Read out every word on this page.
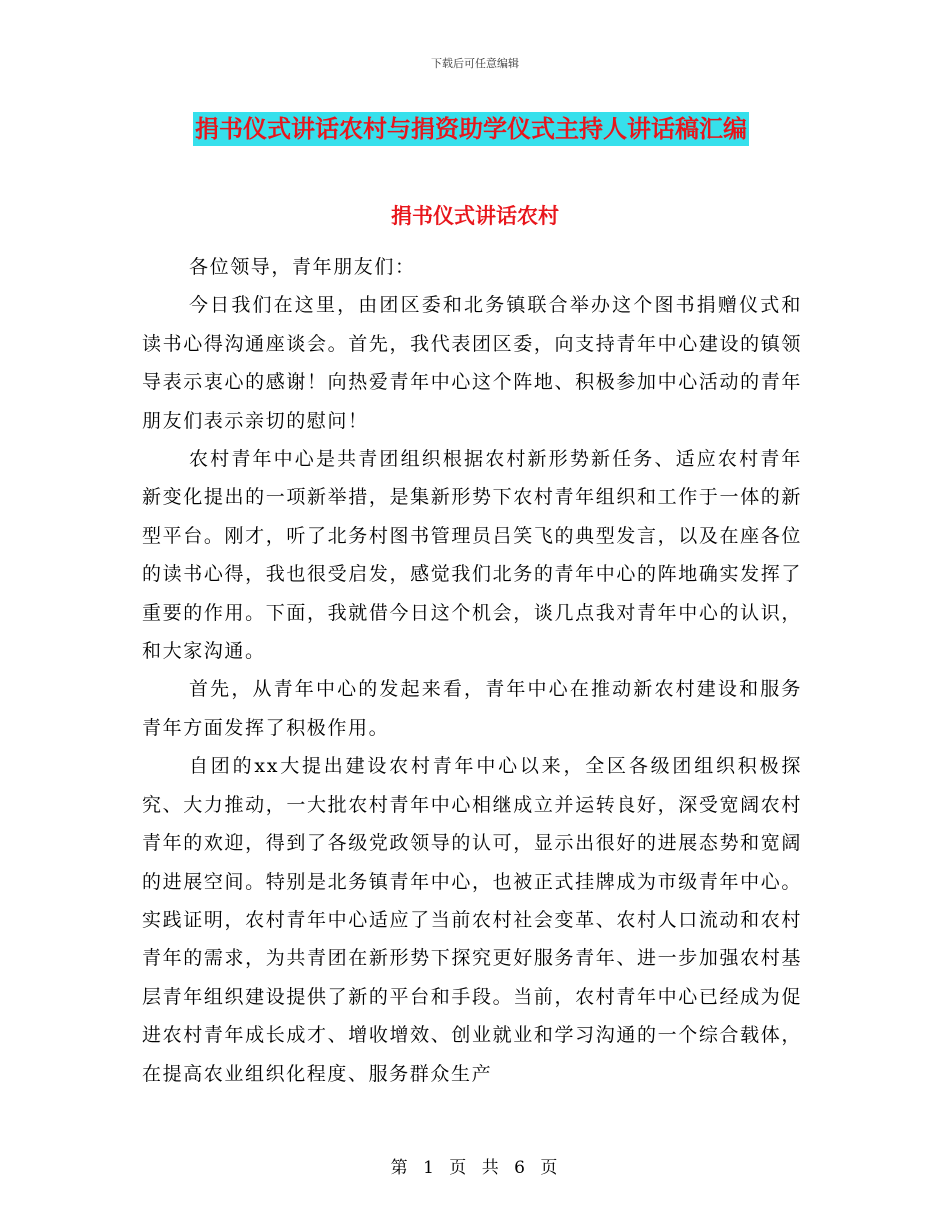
下载后可任意编辑
捐书仪式讲话农村与捐资助学仪式主持人讲话稿汇编
捐书仪式讲话农村

各位领导，青年朋友们：

今日我们在这里，由团区委和北务镇联合举办这个图书捐赠仪式和读书心得沟通座谈会。首先，我代表团区委，向支持青年中心建设的镇领导表示衷心的感谢！向热爱青年中心这个阵地、积极参加中心活动的青年朋友们表示亲切的慰问！

农村青年中心是共青团组织根据农村新形势新任务、适应农村青年新变化提出的一项新举措，是集新形势下农村青年组织和工作于一体的新型平台。刚才，听了北务村图书管理员吕笑飞的典型发言，以及在座各位的读书心得，我也很受启发，感觉我们北务的青年中心的阵地确实发挥了重要的作用。下面，我就借今日这个机会，谈几点我对青年中心的认识，和大家沟通。

首先，从青年中心的发起来看，青年中心在推动新农村建设和服务青年方面发挥了积极作用。

自团的xx大提出建设农村青年中心以来，全区各级团组织积极探究、大力推动，一大批农村青年中心相继成立并运转良好，深受宽阔农村青年的欢迎，得到了各级党政领导的认可，显示出很好的进展态势和宽阔的进展空间。特别是北务镇青年中心，也被正式挂牌成为市级青年中心。实践证明，农村青年中心适应了当前农村社会变革、农村人口流动和农村青年的需求，为共青团在新形势下探究更好服务青年、进一步加强农村基层青年组织建设提供了新的平台和手段。当前，农村青年中心已经成为促进农村青年成长成才、增收增效、创业就业和学习沟通的一个综合载体，在提高农业组织化程度、服务群众生产

第 1 页 共 6 页
